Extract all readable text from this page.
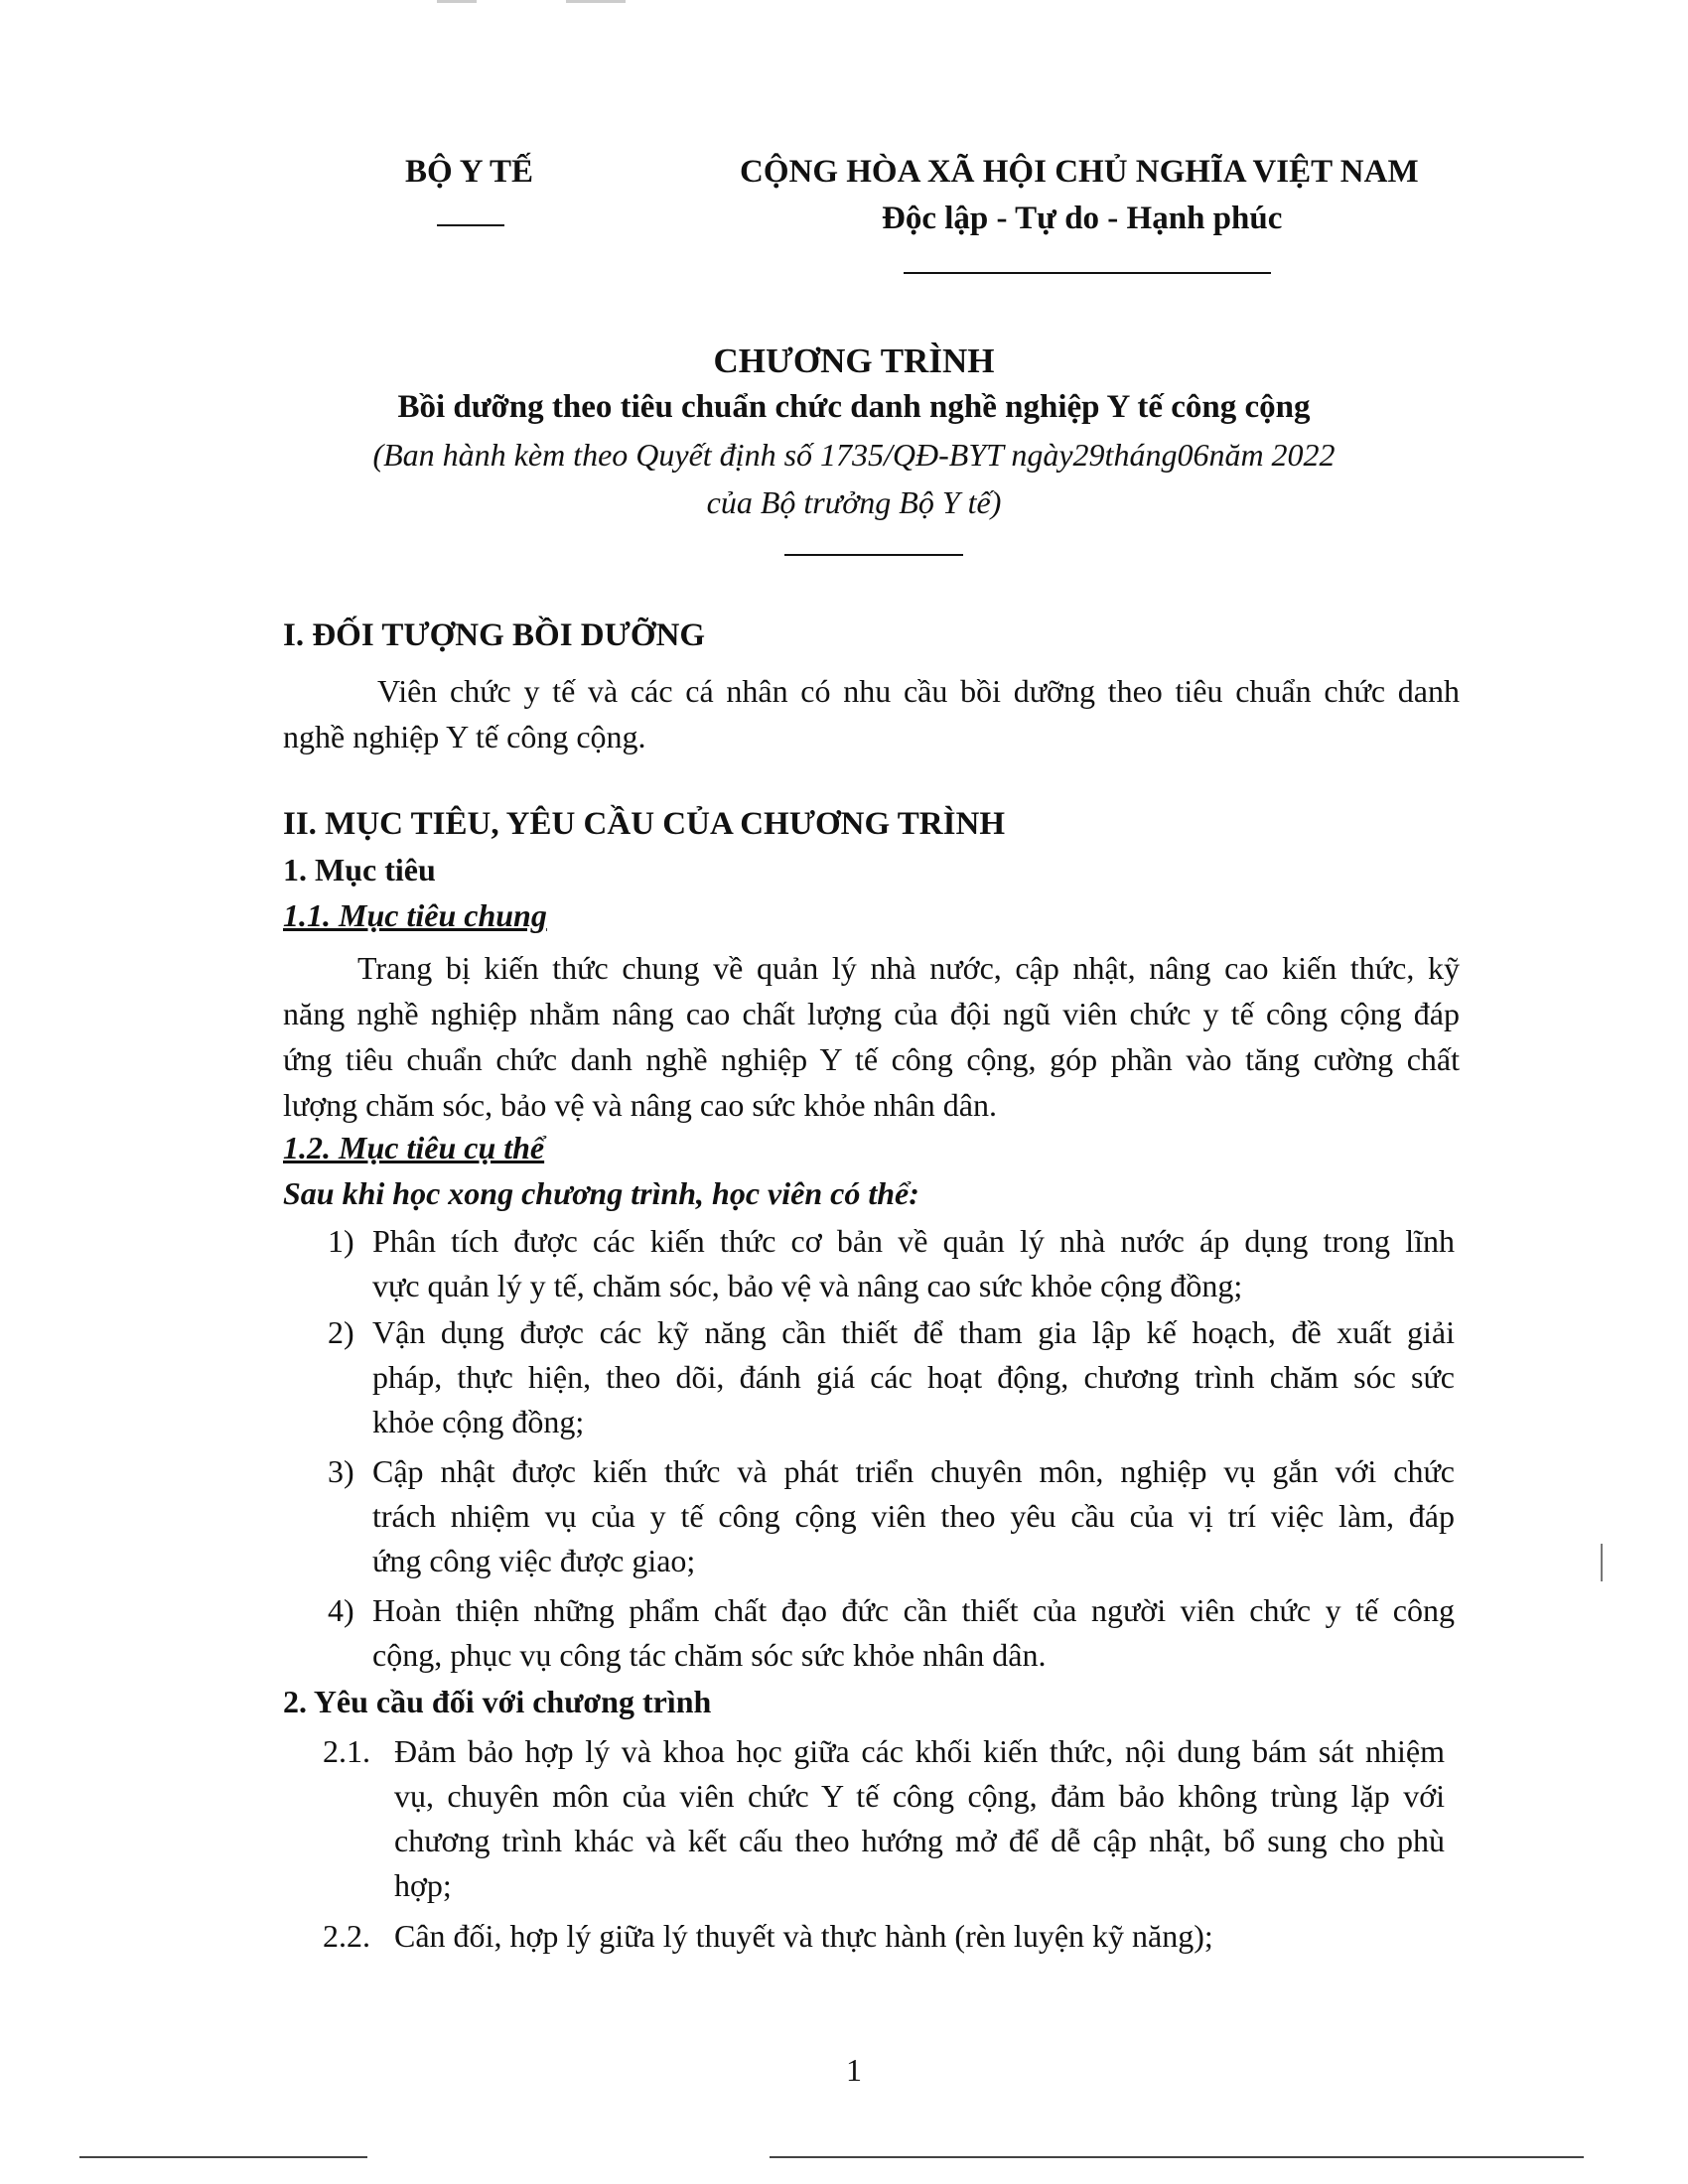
BỘ Y TẾ	CỘNG HÒA XÃ HỘI CHỦ NGHĨA VIỆT NAM
Độc lập - Tự do - Hạnh phúc
CHƯƠNG TRÌNH
Bồi dưỡng theo tiêu chuẩn chức danh nghề nghiệp Y tế công cộng
(Ban hành kèm theo Quyết định số 1735/QĐ-BYT ngày29tháng06năm 2022
của Bộ trưởng Bộ Y tế)
I. ĐỐI TƯỢNG BỒI DƯỠNG
Viên chức y tế và các cá nhân có nhu cầu bồi dưỡng theo tiêu chuẩn chức danh
nghề nghiệp Y tế công cộng.
II. MỤC TIÊU, YÊU CẦU CỦA CHƯƠNG TRÌNH
1. Mục tiêu
1.1. Mục tiêu chung
Trang bị kiến thức chung về quản lý nhà nước, cập nhật, nâng cao kiến thức, kỹ
năng nghề nghiệp nhằm nâng cao chất lượng của đội ngũ viên chức y tế công cộng đáp
ứng tiêu chuẩn chức danh nghề nghiệp Y tế công cộng, góp phần vào tăng cường chất
lượng chăm sóc, bảo vệ và nâng cao sức khỏe nhân dân.
1.2. Mục tiêu cụ thể
Sau khi học xong chương trình, học viên có thể:
1) Phân tích được các kiến thức cơ bản về quản lý nhà nước áp dụng trong lĩnh
vực quản lý y tế, chăm sóc, bảo vệ và nâng cao sức khỏe cộng đồng;
2) Vận dụng được các kỹ năng cần thiết để tham gia lập kế hoạch, đề xuất giải
pháp, thực hiện, theo dõi, đánh giá các hoạt động, chương trình chăm sóc sức
khỏe cộng đồng;
3) Cập nhật được kiến thức và phát triển chuyên môn, nghiệp vụ gắn với chức
trách nhiệm vụ của y tế công cộng viên theo yêu cầu của vị trí việc làm, đáp
ứng công việc được giao;
4) Hoàn thiện những phẩm chất đạo đức cần thiết của người viên chức y tế công
cộng, phục vụ công tác chăm sóc sức khỏe nhân dân.
2. Yêu cầu đối với chương trình
2.1. Đảm bảo hợp lý và khoa học giữa các khối kiến thức, nội dung bám sát nhiệm
vụ, chuyên môn của viên chức Y tế công cộng, đảm bảo không trùng lặp với
chương trình khác và kết cấu theo hướng mở để dễ cập nhật, bổ sung cho phù
hợp;
2.2. Cân đối, hợp lý giữa lý thuyết và thực hành (rèn luyện kỹ năng);
1
